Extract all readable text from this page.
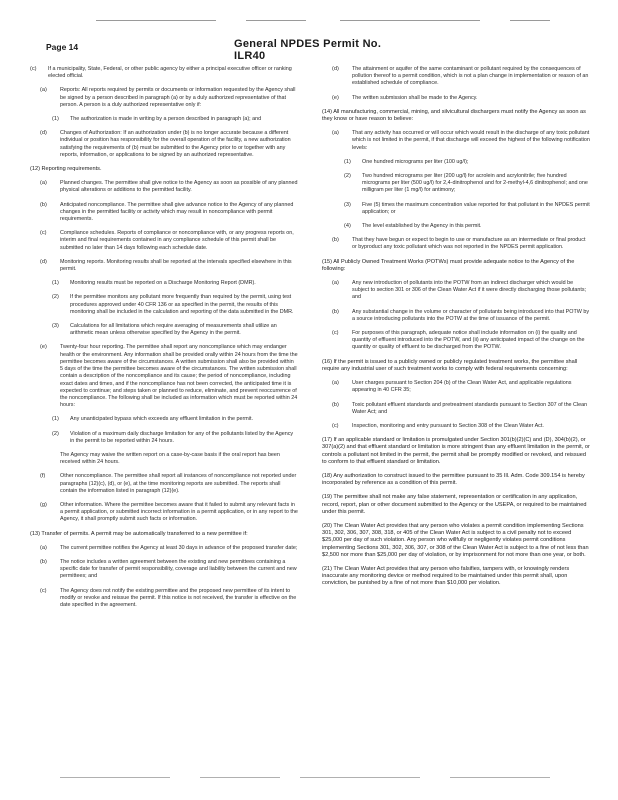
Page 14	General NPDES Permit No. ILR40
(c) If a municipality, State, Federal, or other public agency by either a principal executive officer or ranking elected official.
(a) Reports: All reports required by permits or documents or information requested by the Agency shall be signed by a person described in paragraph (a) or by a duly authorized representative of that person. A person is a duly authorized representative only if:
(1) The authorization is made in writing by a person described in paragraph (a); and
(d) Changes of Authorization: If an authorization under (b) is no longer accurate because a different individual or position has responsibility for the overall operation of the facility, a new authorization satisfying the requirements of (b) must be submitted to the Agency prior to or together with any reports, information, or applications to be signed by an authorized representative.
(12) Reporting requirements.
(a) Planned changes. The permittee shall give notice to the Agency as soon as possible of any planned physical alterations or additions to the permitted facility.
(b) Anticipated noncompliance. The permittee shall give advance notice to the Agency of any planned changes in the permitted facility or activity which may result in noncompliance with permit requirements.
(c) Compliance schedules. Reports of compliance or noncompliance with, or any progress reports on, interim and final requirements contained in any compliance schedule of this permit shall be submitted no later than 14 days following each schedule date.
(d) Monitoring reports. Monitoring results shall be reported at the intervals specified elsewhere in this permit.
(1) Monitoring results must be reported on a Discharge Monitoring Report (DMR).
(2) If the permittee monitors any pollutant more frequently than required by the permit, using test procedures approved under 40 CFR 136 or as specified in the permit, the results of this monitoring shall be included in the calculation and reporting of the data submitted in the DMR.
(3) Calculations for all limitations which require averaging of measurements shall utilize an arithmetic mean unless otherwise specified by the Agency in the permit.
(e) Twenty-four hour reporting. The permittee shall report any noncompliance which may endanger health or the environment. Any information shall be provided orally within 24 hours from the time the permittee becomes aware of the circumstances. A written submission shall also be provided within 5 days of the time the permittee becomes aware of the circumstances. The written submission shall contain a description of the noncompliance and its cause; the period of noncompliance, including exact dates and times, and if the noncompliance has not been corrected, the anticipated time it is expected to continue; and steps taken or planned to reduce, eliminate, and prevent reoccurrence of the noncompliance. The following shall be included as information which must be reported within 24 hours:
(1) Any unanticipated bypass which exceeds any effluent limitation in the permit.
(2) Violation of a maximum daily discharge limitation for any of the pollutants listed by the Agency in the permit to be reported within 24 hours.
The Agency may waive the written report on a case-by-case basis if the oral report has been received within 24 hours.
(f)	Other noncompliance. The permittee shall report all instances of noncompliance not reported under paragraphs (12)(c), (d), or (e), at the time monitoring reports are submitted. The reports shall contain the information listed in paragraph (12)(e).
(g) Other information. Where the permittee becomes aware that it failed to submit any relevant facts in a permit application, or submitted incorrect information in a permit application, or in any report to the Agency, it shall promptly submit such facts or information.
(13) Transfer of permits. A permit may be automatically transferred to a new permittee if:
(a) The current permittee notifies the Agency at least 30 days in advance of the proposed transfer date;
(b) The notice includes a written agreement between the existing and new permittees containing a specific date for transfer of permit responsibility, coverage and liability between the current and new permittees; and
(c) The Agency does not notify the existing permittee and the proposed new permittee of its intent to modify or revoke and reissue the permit. If this notice is not received, the transfer is effective on the date specified in the agreement.
(d) The attainment or aquifer of the same contaminant or pollutant required by the consequences of pollution thereof to a permit condition, which is not a plan change in implementation or reason of an established schedule of compliance.
(e) The written submission shall be made to the Agency.
(14) All manufacturing, commercial, mining, and silvicultural dischargers must notify the Agency as soon as they know or have reason to believe:
(a) That any activity has occurred or will occur which would result in the discharge of any toxic pollutant which is not limited in the permit, if that discharge will exceed the highest of the following notification levels:
(1) One hundred micrograms per liter (100 ug/l);
(2) Two hundred micrograms per liter (200 ug/l) for acrolein and acrylonitrile; five hundred micrograms per liter (500 ug/l) for 2,4-dinitrophenol and for 2-methyl-4,6 dinitrophenol; and one milligram per liter (1 mg/l) for antimony;
(3) Five (5) times the maximum concentration value reported for that pollutant in the NPDES permit application; or
(4) The level established by the Agency in this permit.
(b) That they have begun or expect to begin to use or manufacture as an intermediate or final product or byproduct any toxic pollutant which was not reported in the NPDES permit application.
(15) All Publicly Owned Treatment Works (POTWs) must provide adequate notice to the Agency of the following:
(a) Any new introduction of pollutants into the POTW from an indirect discharger which would be subject to section 301 or 306 of the Clean Water Act if it were directly discharging those pollutants; and
(b) Any substantial change in the volume or character of pollutants being introduced into that POTW by a source introducing pollutants into the POTW at the time of issuance of the permit.
(c) For purposes of this paragraph, adequate notice shall include information on (i) the quality and quantity of effluent introduced into the POTW, and (ii) any anticipated impact of the change on the quantity or quality of effluent to be discharged from the POTW.
(16) If the permit is issued to a publicly owned or publicly regulated treatment works, the permittee shall require any industrial user of such treatment works to comply with federal requirements concerning:
(a) User charges pursuant to Section 204 (b) of the Clean Water Act, and applicable regulations appearing in 40 CFR 35;
(b) Toxic pollutant effluent standards and pretreatment standards pursuant to Section 307 of the Clean Water Act; and
(c) Inspection, monitoring and entry pursuant to Section 308 of the Clean Water Act.
(17) If an applicable standard or limitation is promulgated under Section 301(b)(2)(C) and (D), 304(b)(2), or 307(a)(2) and that effluent standard or limitation is more stringent than any effluent limitation in the permit, or controls a pollutant not limited in the permit, the permit shall be promptly modified or revoked, and reissued to conform to that effluent standard or limitation.
(18) Any authorization to construct issued to the permittee pursuant to 35 Ill. Adm. Code 309.154 is hereby incorporated by reference as a condition of this permit.
(19) The permittee shall not make any false statement, representation or certification in any application, record, report, plan or other document submitted to the Agency or the USEPA, or required to be maintained under this permit.
(20) The Clean Water Act provides that any person who violates a permit condition implementing Sections 301, 302, 306, 307, 308, 318, or 405 of the Clean Water Act is subject to a civil penalty not to exceed $25,000 per day of such violation. Any person who willfully or negligently violates permit conditions implementing Sections 301, 302, 306, 307, or 308 of the Clean Water Act is subject to a fine of not less than $2,500 nor more than $25,000 per day of violation, or by imprisonment for not more than one year, or both.
(21) The Clean Water Act provides that any person who falsifies, tampers with, or knowingly renders inaccurate any monitoring device or method required to be maintained under this permit shall, upon conviction, be punished by a fine of not more than $10,000 per violation.
